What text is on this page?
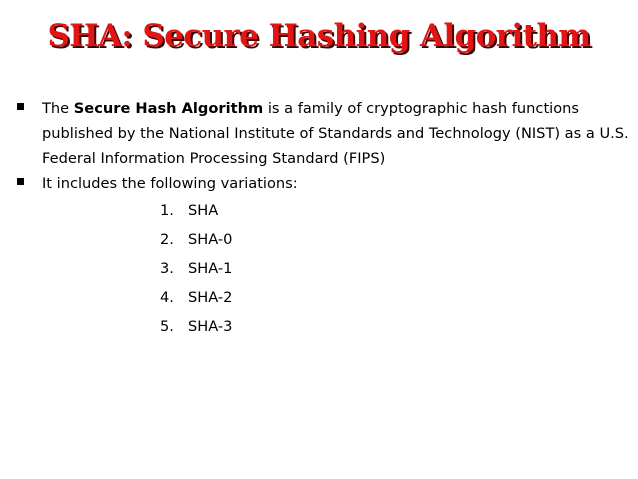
SHA: Secure Hashing Algorithm
The Secure Hash Algorithm is a family of cryptographic hash functions published by the National Institute of Standards and Technology (NIST) as a U.S. Federal Information Processing Standard (FIPS)
It includes the following variations:
1. SHA
2. SHA-0
3. SHA-1
4. SHA-2
5. SHA-3
